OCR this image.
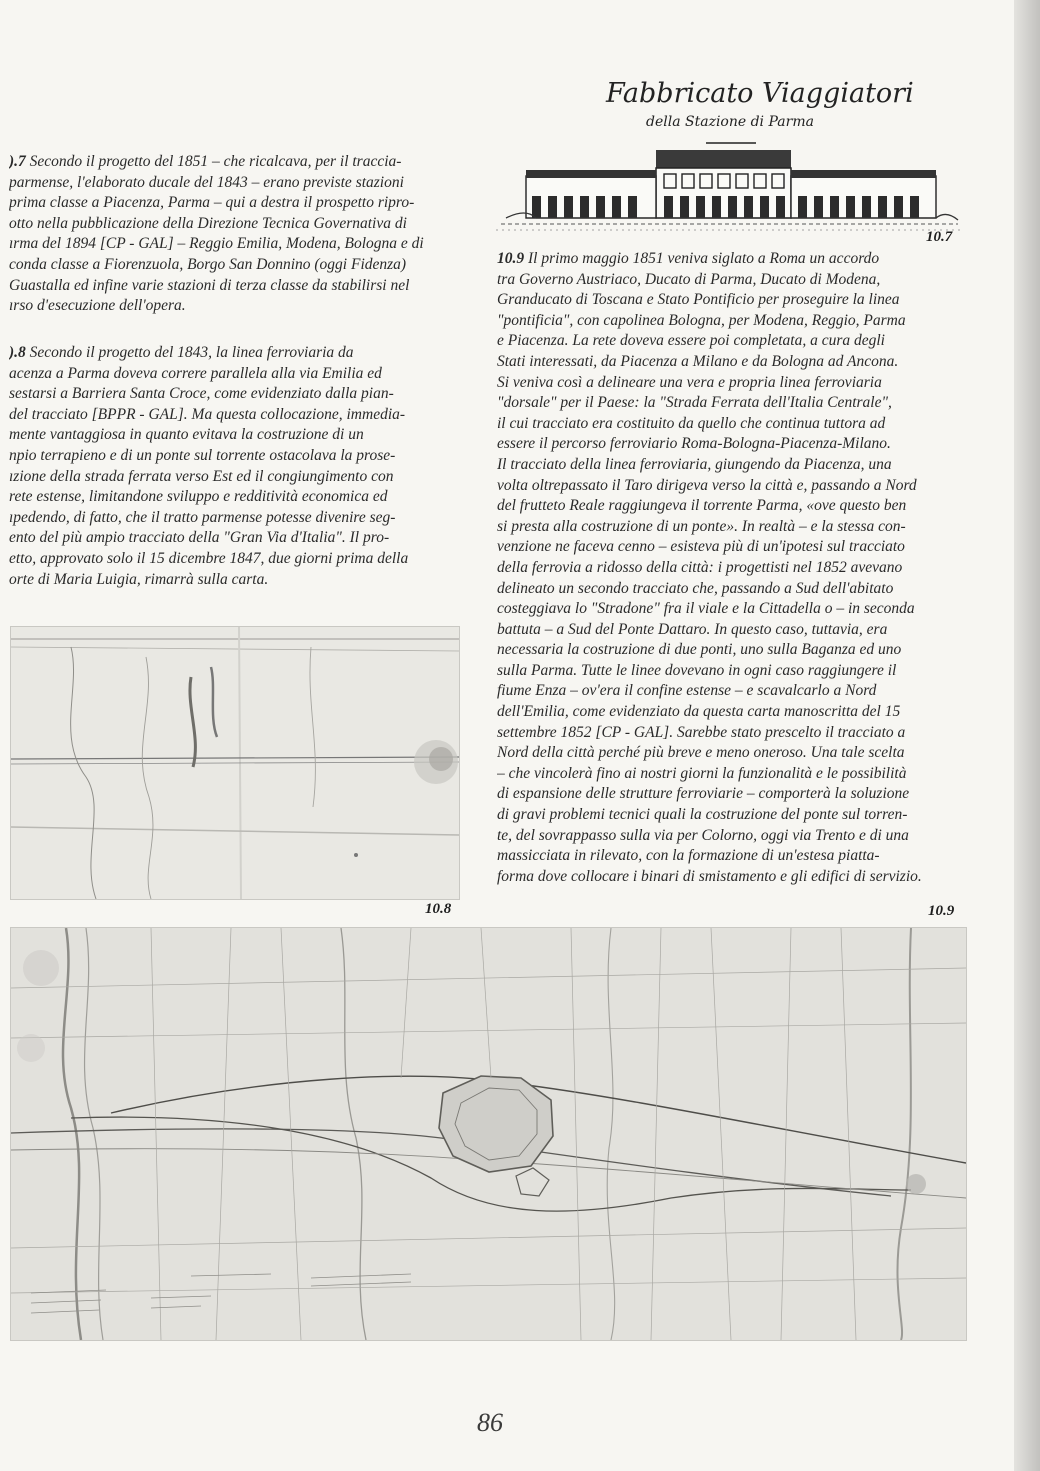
).7 Secondo il progetto del 1851 – che ricalcava, per il traccia-
parmense, l'elaborato ducale del 1843 – erano previste stazioni
prima classe a Piacenza, Parma – qui a destra il prospetto ripro-
otto nella pubblicazione della Direzione Tecnica Governativa di
ırma del 1894 [CP - GAL] – Reggio Emilia, Modena, Bologna e di
conda classe a Fiorenzuola, Borgo San Donnino (oggi Fidenza)
Guastalla ed infine varie stazioni di terza classe da stabilirsi nel
ırso d'esecuzione dell'opera.
).8 Secondo il progetto del 1843, la linea ferroviaria da
acenza a Parma doveva correre parallela alla via Emilia ed
sestarsi a Barriera Santa Croce, come evidenziato dalla pian-
del tracciato [BPPR - GAL]. Ma questa collocazione, immedia-
mente vantaggiosa in quanto evitava la costruzione di un
npio terrapieno e di un ponte sul torrente ostacolava la prose-
ızione della strada ferrata verso Est ed il congiungimento con
rete estense, limitandone sviluppo e redditività economica ed
ıpedendo, di fatto, che il tratto parmense potesse divenire seg-
ento del più ampio tracciato della "Gran Via d'Italia". Il pro-
etto, approvato solo il 15 dicembre 1847, due giorni prima della
orte di Maria Luigia, rimarrà sulla carta.
Fabbricato Viaggiatori
della Stazione di Parma
10.7
10.9 Il primo maggio 1851 veniva siglato a Roma un accordo
tra Governo Austriaco, Ducato di Parma, Ducato di Modena,
Granducato di Toscana e Stato Pontificio per proseguire la linea
"pontificia", con capolinea Bologna, per Modena, Reggio, Parma
e Piacenza. La rete doveva essere poi completata, a cura degli
Stati interessati, da Piacenza a Milano e da Bologna ad Ancona.
Si veniva così a delineare una vera e propria linea ferroviaria
"dorsale" per il Paese: la "Strada Ferrata dell'Italia Centrale",
il cui tracciato era costituito da quello che continua tuttora ad
essere il percorso ferroviario Roma-Bologna-Piacenza-Milano.
Il tracciato della linea ferroviaria, giungendo da Piacenza, una
volta oltrepassato il Taro dirigeva verso la città e, passando a Nord
del frutteto Reale raggiungeva il torrente Parma, «ove questo ben
si presta alla costruzione di un ponte». In realtà – e la stessa con-
venzione ne faceva cenno – esisteva più di un'ipotesi sul tracciato
della ferrovia a ridosso della città: i progettisti nel 1852 avevano
delineato un secondo tracciato che, passando a Sud dell'abitato
costeggiava lo "Stradone" fra il viale e la Cittadella o – in seconda
battuta – a Sud del Ponte Dattaro. In questo caso, tuttavia, era
necessaria la costruzione di due ponti, uno sulla Baganza ed uno
sulla Parma. Tutte le linee dovevano in ogni caso raggiungere il
fiume Enza – ov'era il confine estense – e scavalcarlo a Nord
dell'Emilia, come evidenziato da questa carta manoscritta del 15
settembre 1852 [CP - GAL]. Sarebbe stato prescelto il tracciato a
Nord della città perché più breve e meno oneroso. Una tale scelta
– che vincolerà fino ai nostri giorni la funzionalità e le possibilità
di espansione delle strutture ferroviarie – comporterà la soluzione
di gravi problemi tecnici quali la costruzione del ponte sul torren-
te, del sovrappasso sulla via per Colorno, oggi via Trento e di una
massicciata in rilevato, con la formazione di un'estesa piatta-
forma dove collocare i binari di smistamento e gli edifici di servizio.
10.8	10.9
86
